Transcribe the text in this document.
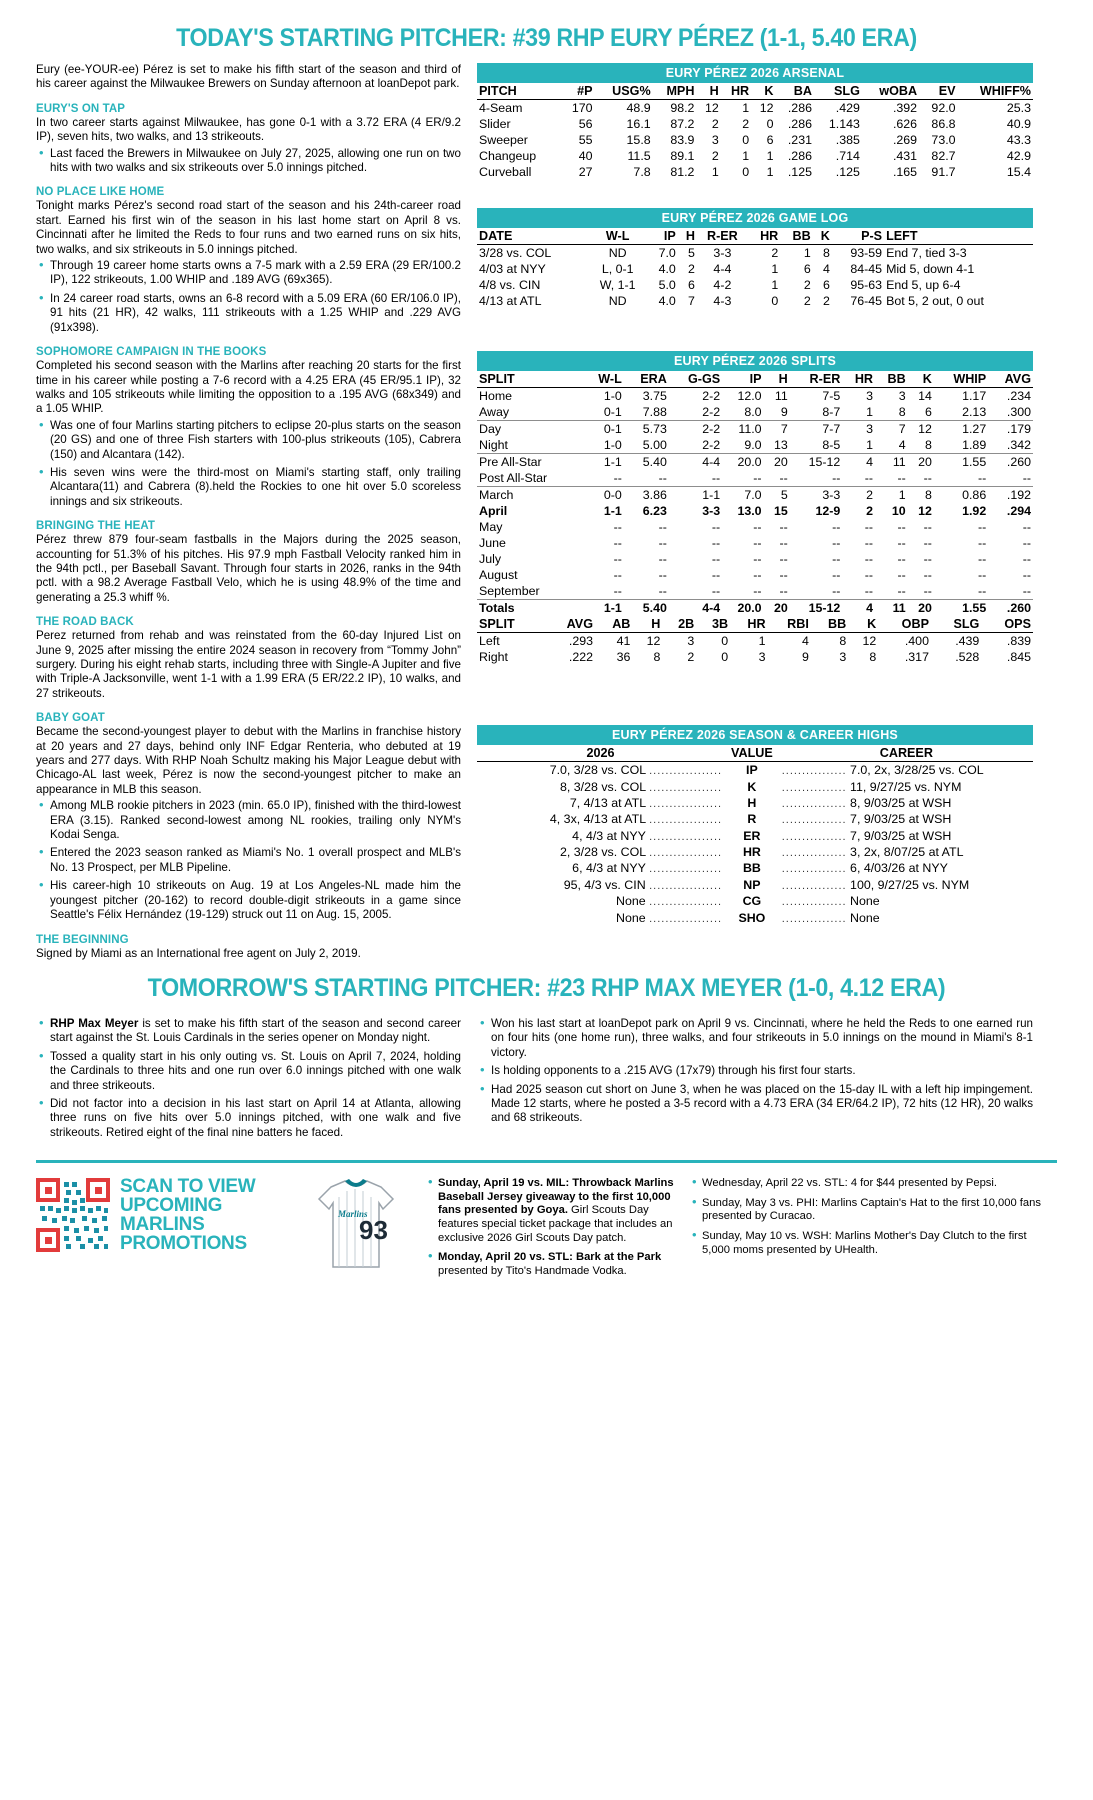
TODAY'S STARTING PITCHER: #39 RHP EURY PÉREZ (1-1, 5.40 ERA)

Eury (ee-YOUR-ee) Pérez is set to make his fifth start of the season and third of his career against the Milwaukee Brewers on Sunday afternoon at loanDepot park.

EURY'S ON TAP

In two career starts against Milwaukee, has gone 0-1 with a 3.72 ERA (4 ER/9.2 IP), seven hits, two walks, and 13 strikeouts.

• Last faced the Brewers in Milwaukee on July 27, 2025, allowing one run on two hits with two walks and six strikeouts over 5.0 innings pitched.
NO PLACE LIKE HOME

Tonight marks Pérez's second road start of the season and his 24th-career road start. Earned his first win of the season in his last home start on April 8 vs. Cincinnati after he limited the Reds to four runs and two earned runs on six hits, two walks, and six strikeouts in 5.0 innings pitched.

• Through 19 career home starts owns a 7-5 mark with a 2.59 ERA (29 ER/100.2 IP), 122 strikeouts, 1.00 WHIP and .189 AVG (69x365).
• In 24 career road starts, owns an 6-8 record with a 5.09 ERA (60 ER/106.0 IP), 91 hits (21 HR), 42 walks, 111 strikeouts with a 1.25 WHIP and .229 AVG (91x398).
SOPHOMORE CAMPAIGN IN THE BOOKS

Completed his second season with the Marlins after reaching 20 starts for the first time in his career while posting a 7-6 record with a 4.25 ERA (45 ER/95.1 IP), 32 walks and 105 strikeouts while limiting the opposition to a .195 AVG (68x349) and a 1.05 WHIP.

• Was one of four Marlins starting pitchers to eclipse 20-plus starts on the season (20 GS) and one of three Fish starters with 100-plus strikeouts (105), Cabrera (150) and Alcantara (142).
• His seven wins were the third-most on Miami's starting staff, only trailing Alcantara(11) and Cabrera (8).held the Rockies to one hit over 5.0 scoreless innings and six strikeouts.
BRINGING THE HEAT

Pérez threw 879 four-seam fastballs in the Majors during the 2025 season, accounting for 51.3% of his pitches. His 97.9 mph Fastball Velocity ranked him in the 94th pctl., per Baseball Savant. Through four starts in 2026, ranks in the 94th pctl. with a 98.2 Average Fastball Velo, which he is using 48.9% of the time and generating a 25.3 whiff %.

THE ROAD BACK

Perez returned from rehab and was reinstated from the 60-day Injured List on June 9, 2025 after missing the entire 2024 season in recovery from “Tommy John” surgery. During his eight rehab starts, including three with Single-A Jupiter and five with Triple-A Jacksonville, went 1-1 with a 1.99 ERA (5 ER/22.2 IP), 10 walks, and 27 strikeouts.

BABY GOAT

Became the second-youngest player to debut with the Marlins in franchise history at 20 years and 27 days, behind only INF Edgar Renteria, who debuted at 19 years and 277 days. With RHP Noah Schultz making his Major League debut with Chicago-AL last week, Pérez is now the second-youngest pitcher to make an appearance in MLB this season.

• Among MLB rookie pitchers in 2023 (min. 65.0 IP), finished with the third-lowest ERA (3.15). Ranked second-lowest among NL rookies, trailing only NYM's Kodai Senga.
• Entered the 2023 season ranked as Miami's No. 1 overall prospect and MLB's No. 13 Prospect, per MLB Pipeline.
• His career-high 10 strikeouts on Aug. 19 at Los Angeles-NL made him the youngest pitcher (20-162) to record double-digit strikeouts in a game since Seattle's Félix Hernández (19-129) struck out 11 on Aug. 15, 2005.
THE BEGINNING

Signed by Miami as an International free agent on July 2, 2019.

EURY PÉREZ 2026 ARSENAL
PITCH	#P	USG%	MPH	H	HR	K	BA	SLG	wOBA	EV	WHIFF%
4-Seam	170	48.9	98.2	12	1	12	.286	.429	.392	92.0	25.3
Slider	56	16.1	87.2	2	2	0	.286	1.143	.626	86.8	40.9
Sweeper	55	15.8	83.9	3	0	6	.231	.385	.269	73.0	43.3
Changeup	40	11.5	89.1	2	1	1	.286	.714	.431	82.7	42.9
Curveball	27	7.8	81.2	1	0	1	.125	.125	.165	91.7	15.4
EURY PÉREZ 2026 GAME LOG
DATE	W-L	IP	H	R-ER	HR	BB	K	P-S	LEFT
3/28 vs. COL	ND	7.0	5	3-3	2	1	8	93-59	End 7, tied 3-3
4/03 at NYY	L, 0-1	4.0	2	4-4	1	6	4	84-45	Mid 5, down 4-1
4/8 vs. CIN	W, 1-1	5.0	6	4-2	1	2	6	95-63	End 5, up 6-4
4/13 at ATL	ND	4.0	7	4-3	0	2	2	76-45	Bot 5, 2 out, 0 out
EURY PÉREZ 2026 SPLITS
SPLIT	W-L	ERA	G-GS	IP	H	R-ER	HR	BB	K	WHIP	AVG
Home	1-0	3.75	2-2	12.0	11	7-5	3	3	14	1.17	.234
Away	0-1	7.88	2-2	8.0	9	8-7	1	8	6	2.13	.300
Day	0-1	5.73	2-2	11.0	7	7-7	3	7	12	1.27	.179
Night	1-0	5.00	2-2	9.0	13	8-5	1	4	8	1.89	.342
Pre All-Star	1-1	5.40	4-4	20.0	20	15-12	4	11	20	1.55	.260
Post All-Star	--	--	--	--	--	--	--	--	--	--	--
March	0-0	3.86	1-1	7.0	5	3-3	2	1	8	0.86	.192
April	1-1	6.23	3-3	13.0	15	12-9	2	10	12	1.92	.294
May	--	--	--	--	--	--	--	--	--	--	--
June	--	--	--	--	--	--	--	--	--	--	--
July	--	--	--	--	--	--	--	--	--	--	--
August	--	--	--	--	--	--	--	--	--	--	--
September	--	--	--	--	--	--	--	--	--	--	--
Totals	1-1	5.40	4-4	20.0	20	15-12	4	11	20	1.55	.260
SPLIT	AVG	AB	H	2B	3B	HR	RBI	BB	K	OBP	SLG	OPS
Left	.293	41	12	3	0	1	4	8	12	.400	.439	.839
Right	.222	36	8	2	0	3	9	3	8	.317	.528	.845
EURY PÉREZ 2026 SEASON & CAREER HIGHS
2026	VALUE	CAREER
7.0, 3/28 vs. COL ..................	IP	................ 7.0, 2x, 3/28/25 vs. COL
8, 3/28 vs. COL ..................	K	................ 11, 9/27/25 vs. NYM
7, 4/13 at ATL ..................	H	................ 8, 9/03/25 at WSH
4, 3x, 4/13 at ATL ..................	R	................ 7, 9/03/25 at WSH
4, 4/3 at NYY ..................	ER	................ 7, 9/03/25 at WSH
2, 3/28 vs. COL ..................	HR	................ 3, 2x, 8/07/25 at ATL
6, 4/3 at NYY ..................	BB	................ 6, 4/03/26 at NYY
95, 4/3 vs. CIN ..................	NP	................ 100, 9/27/25 vs. NYM
None ..................	CG	................ None
None ..................	SHO	................ None
TOMORROW'S STARTING PITCHER: #23 RHP MAX MEYER (1-0, 4.12 ERA)
• RHP Max Meyer is set to make his fifth start of the season and second career start against the St. Louis Cardinals in the series opener on Monday night.
• Tossed a quality start in his only outing vs. St. Louis on April 7, 2024, holding the Cardinals to three hits and one run over 6.0 innings pitched with one walk and three strikeouts.
• Did not factor into a decision in his last start on April 14 at Atlanta, allowing three runs on five hits over 5.0 innings pitched, with one walk and five strikeouts. Retired eight of the final nine batters he faced.
• Won his last start at loanDepot park on April 9 vs. Cincinnati, where he held the Reds to one earned run on four hits (one home run), three walks, and four strikeouts in 5.0 innings on the mound in Miami's 8-1 victory.
• Is holding opponents to a .215 AVG (17x79) through his first four starts.
• Had 2025 season cut short on June 3, when he was placed on the 15-day IL with a left hip impingement. Made 12 starts, where he posted a 3-5 record with a 4.73 ERA (34 ER/64.2 IP), 72 hits (12 HR), 20 walks and 68 strikeouts.
SCAN TO VIEW
UPCOMING
MARLINS
PROMOTIONS
Marlins
93
• Sunday, April 19 vs. MIL: Throwback Marlins Baseball Jersey giveaway to the first 10,000 fans presented by Goya. Girl Scouts Day features special ticket package that includes an exclusive 2026 Girl Scouts Day patch.
• Monday, April 20 vs. STL: Bark at the Park presented by Tito's Handmade Vodka.
• Wednesday, April 22 vs. STL: 4 for $44 presented by Pepsi.
• Sunday, May 3 vs. PHI: Marlins Captain's Hat to the first 10,000 fans presented by Curacao.
• Sunday, May 10 vs. WSH: Marlins Mother's Day Clutch to the first 5,000 moms presented by UHealth.
